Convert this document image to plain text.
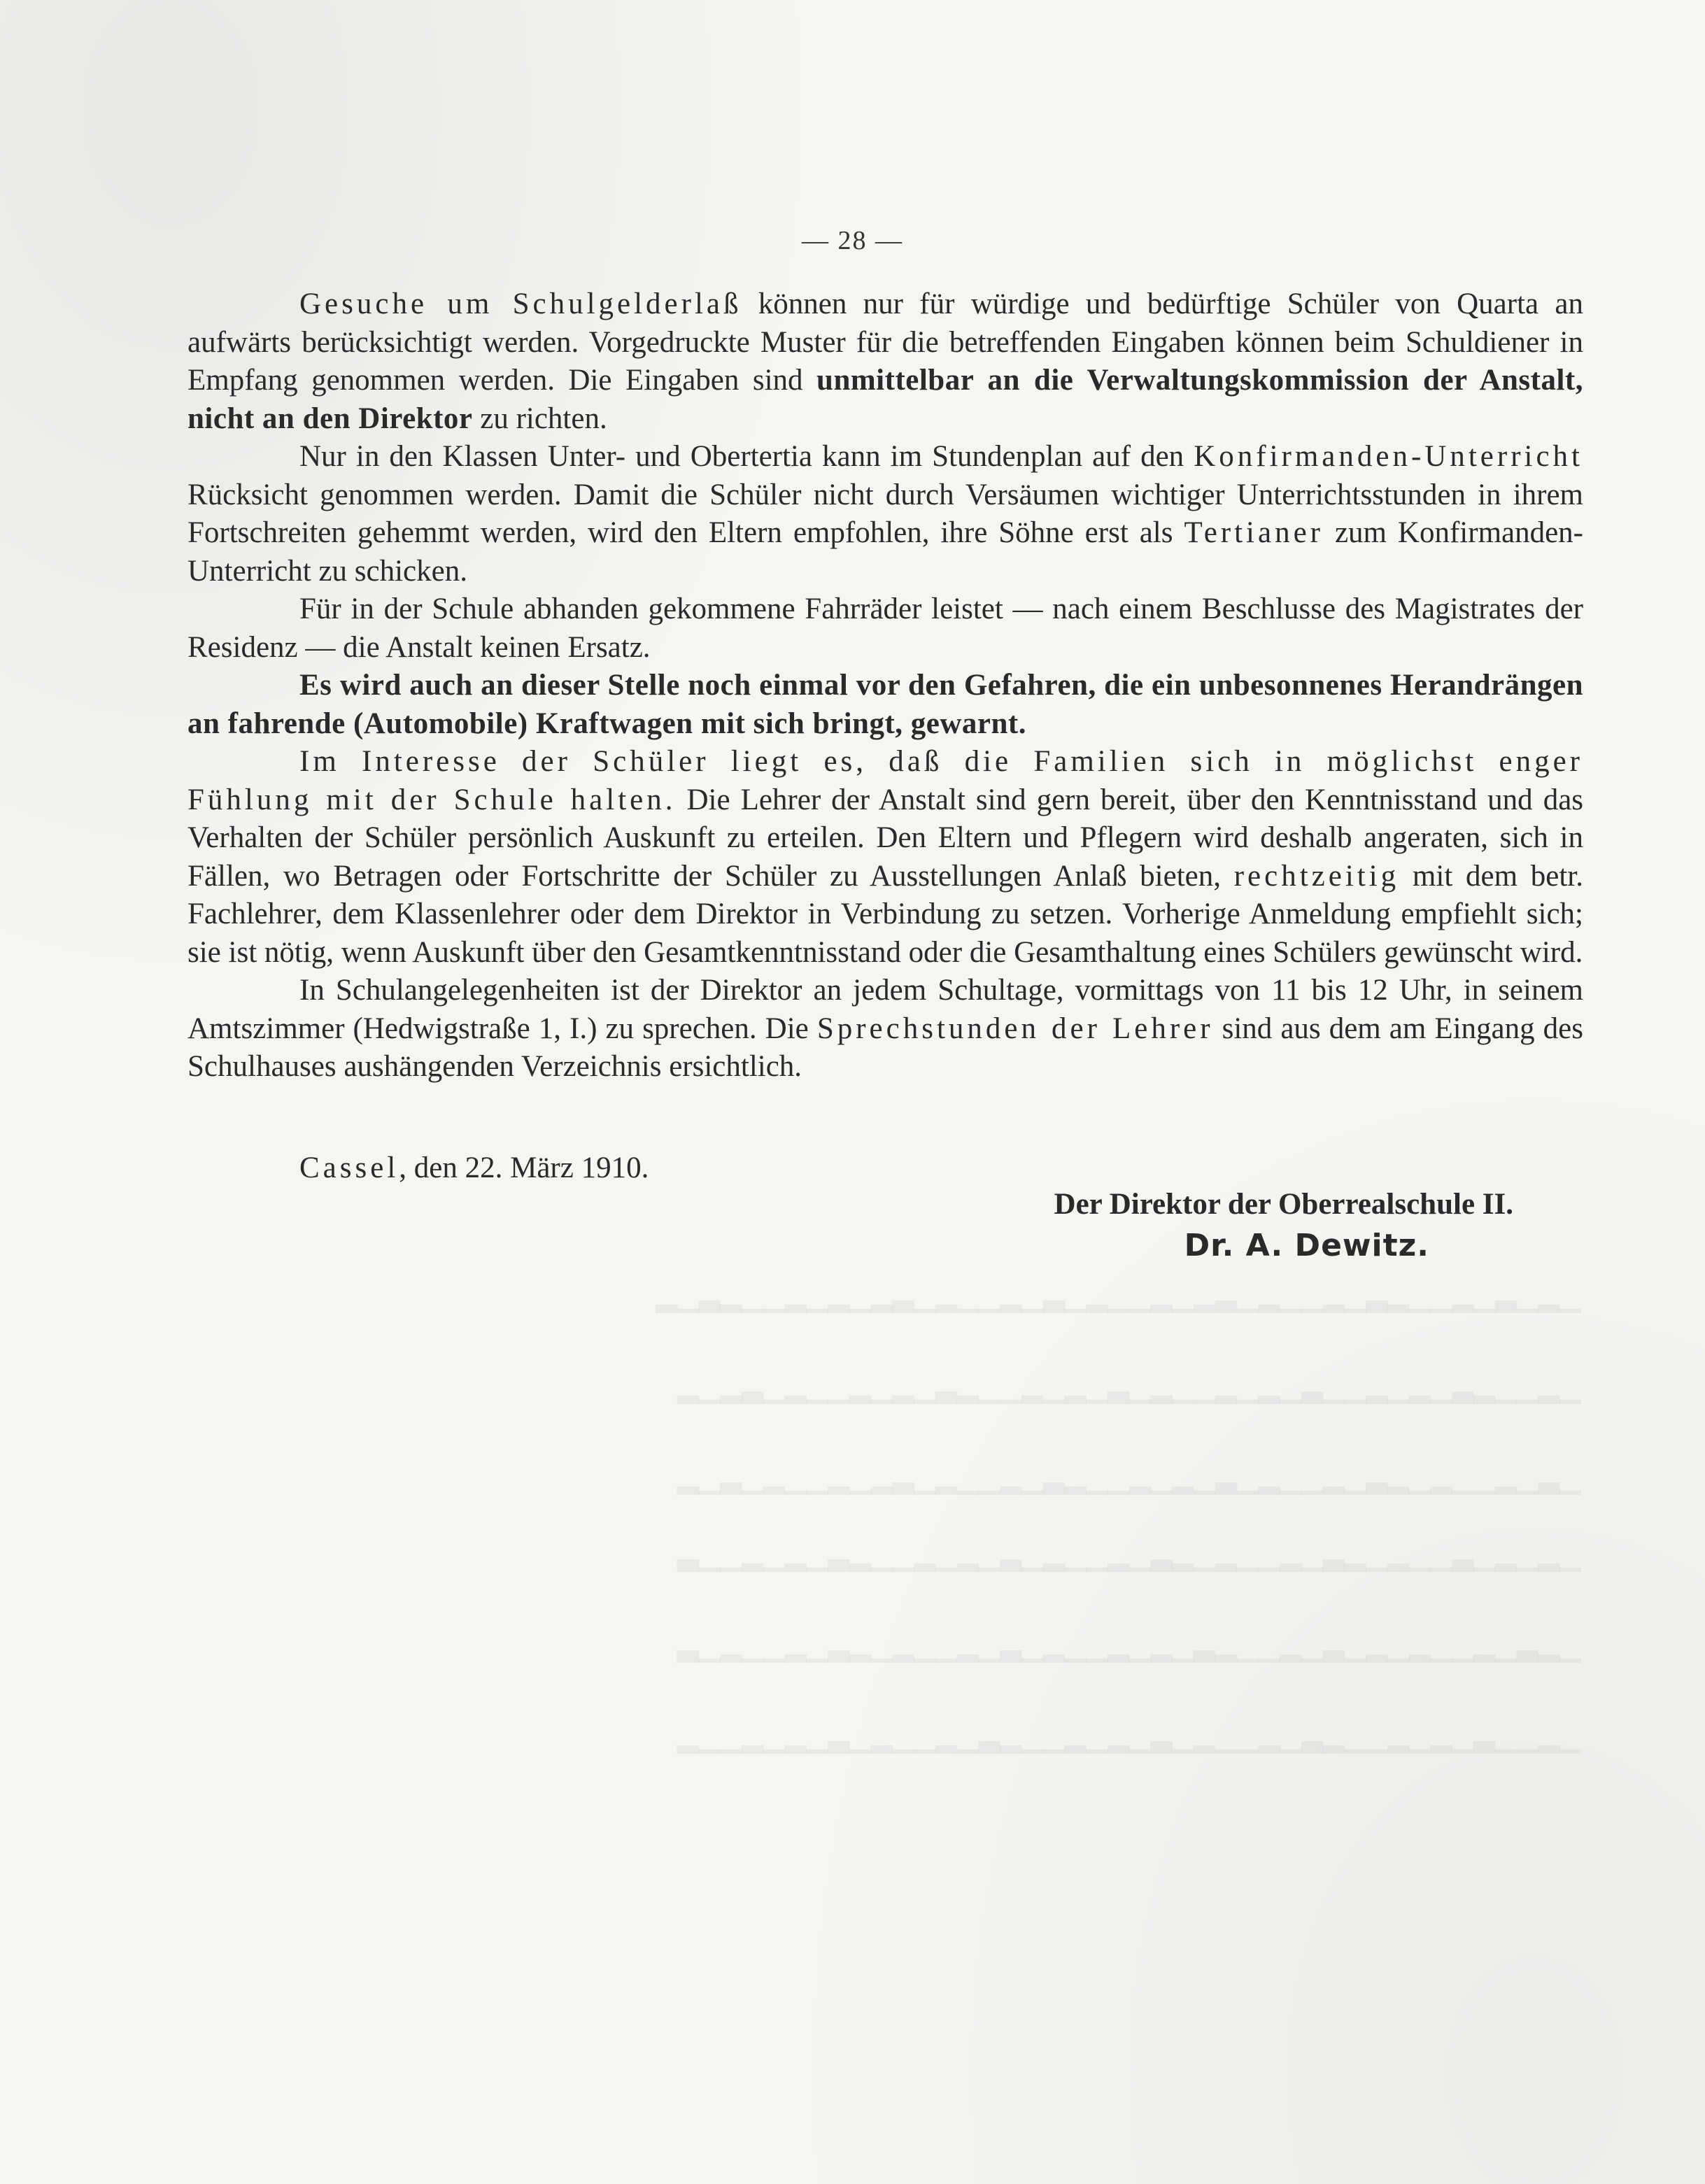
▁▂▁▃▁▂▁▁▂▃▁▂▁▁▂▁▃▂▁▂▁▁▂▁▃▁▂▁▁▂▁▃▂▁▂▁▂▁▁▂▃▁▂
▁▂▁▁▂▃▁▂▁▂▁▁▃▁▂▁▂▁▁▂▁▃▁▂▁▂▁▁▂▃▁▂▁▂▁▁▂▁▃▂▁▂
▁▃▁▂▁▁▂▁▂▃▁▂▁▁▂▁▃▁▂▁▂▁▁▂▃▁▂▁▁▂▁▃▂▁▂▁▁▂▁▃▁▂
▁▂▁▂▁▃▁▁▂▁▂▃▁▂▁▁▂▁▂▃▁▂▁▁▂▁▃▁▂▁▂▁▁▂▃▁▂▁▂▁▁▃
▁▂▃▁▂▁▁▂▁▂▁▃▁▂▁▁▂▃▁▂▁▂▁▁▂▁▃▁▂▁▁▂▁▂▃▁▂▁▁▂▁▃
▁▂▁▁▃▁▂▁▂▁▁▂▃▁▂▁▁▂▁▃▁▂▁▂▁▁▂▃▁▂▁▁▂▁▃▁▂▁▂▁▁▂
— 28 —

Gesuche um Schulgelderlaß können nur für würdige und bedürftige Schüler von Quarta an aufwärts berücksichtigt werden. Vorgedruckte Muster für die betreffenden Eingaben können beim Schuldiener in Empfang genommen werden. Die Eingaben sind unmittelbar an die Verwaltungskommission der Anstalt, nicht an den Direktor zu richten.

Nur in den Klassen Unter- und Obertertia kann im Stundenplan auf den Konfirmanden-Unterricht Rücksicht genommen werden. Damit die Schüler nicht durch Versäumen wichtiger Unterrichtsstunden in ihrem Fortschreiten gehemmt werden, wird den Eltern empfohlen, ihre Söhne erst als Tertianer zum Konfirmanden-Unterricht zu schicken.

Für in der Schule abhanden gekommene Fahrräder leistet — nach einem Beschlusse des Magistrates der Residenz — die Anstalt keinen Ersatz.

Es wird auch an dieser Stelle noch einmal vor den Gefahren, die ein unbesonnenes Herandrängen an fahrende (Automobile) Kraftwagen mit sich bringt, gewarnt.

Im Interesse der Schüler liegt es, daß die Familien sich in möglichst enger Fühlung mit der Schule halten. Die Lehrer der Anstalt sind gern bereit, über den Kenntnisstand und das Verhalten der Schüler persönlich Auskunft zu erteilen. Den Eltern und Pflegern wird deshalb angeraten, sich in Fällen, wo Betragen oder Fortschritte der Schüler zu Ausstellungen Anlaß bieten, rechtzeitig mit dem betr. Fachlehrer, dem Klassenlehrer oder dem Direktor in Verbindung zu setzen. Vorherige Anmeldung empfiehlt sich; sie ist nötig, wenn Auskunft über den Gesamtkenntnisstand oder die Gesamthaltung eines Schülers gewünscht wird.

In Schulangelegenheiten ist der Direktor an jedem Schultage, vormittags von 11 bis 12 Uhr, in seinem Amtszimmer (Hedwigstraße 1, I.) zu sprechen. Die Sprechstunden der Lehrer sind aus dem am Eingang des Schulhauses aushängenden Verzeichnis ersichtlich.

Cassel, den 22. März 1910.
Der Direktor der Oberrealschule II.
Dr. A. Dewitz.
